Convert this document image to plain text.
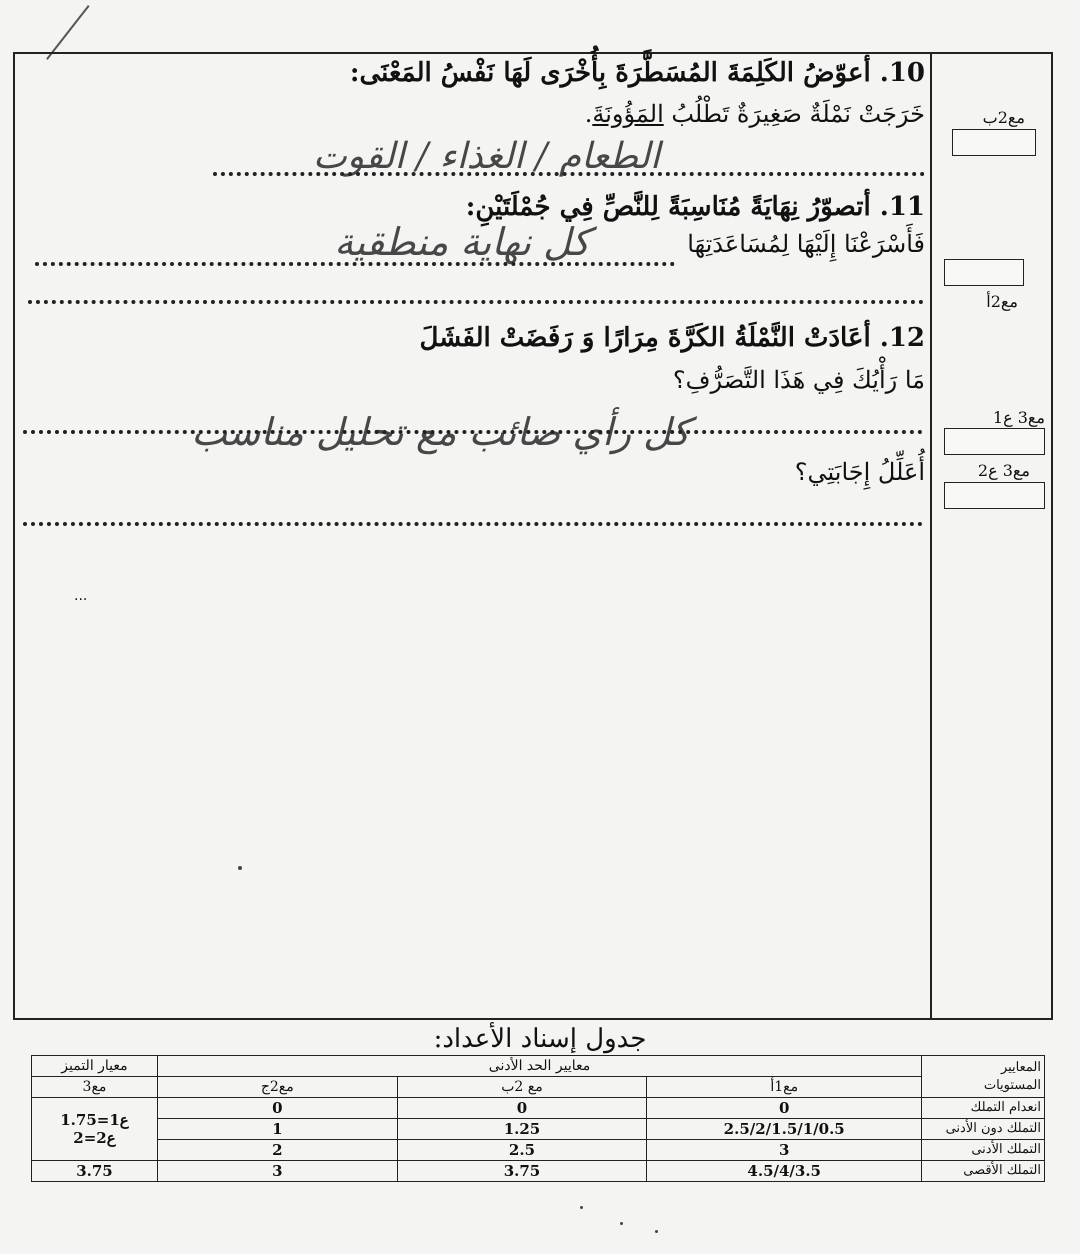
10. أعوّضُ الكَلِمَةَ المُسَطَّرَةَ بِأُخْرَى لَهَا نَفْسُ المَعْنَى:
خَرَجَتْ نَمْلَةٌ صَغِيرَةٌ تَطْلُبُ المَؤُونَةَ.
الطعام / الغذاء / القوت
مع2ب
11. أتصوّرُ نِهَايَةً مُنَاسِبَةً لِلنَّصِّ فِي جُمْلَتَيْنِ:
فَأَسْرَعْنَا إِلَيْهَا لِمُسَاعَدَتِهَا
كل نهاية منطقية
مع2أ
12. أعَادَتْ النَّمْلَةُ الكَرَّةَ مِرَارًا وَ رَفَضَتْ الفَشَلَ
مَا رَأْيُكَ فِي هَذَا التَّصَرُّفِ؟
كل رأي صائب مع تحليل مناسب
أُعَلِّلُ إِجَابَتِي؟
مع3 ع1
مع3 ع2
...
جدول إسناد الأعداد:
المعايير
المستويات	معايير الحد الأدنى			معيار التميز
	مع1أ	مع 2ب	مع2ج	مع3
انعدام التملك	0	0	0	ع1=1.75
ع2=2

التملك دون الأدنى	2.5/2/1.5/1/0.5	1.25	1	
التملك الأدنى	3	2.5	2	
التملك الأقصى	4.5/4/3.5	3.75	3	3.75
